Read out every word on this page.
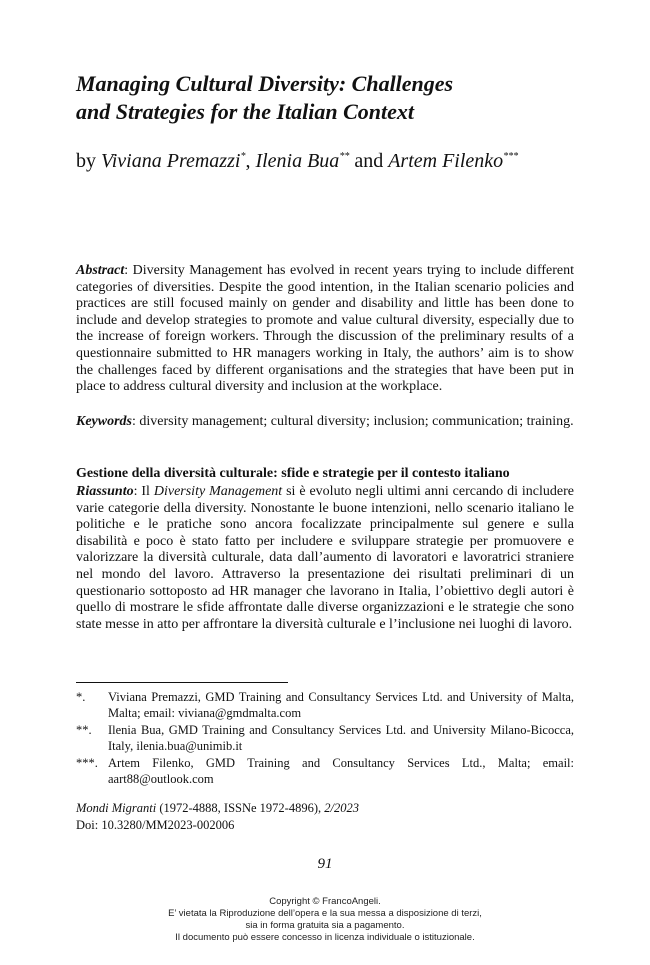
Managing Cultural Diversity: Challenges
and Strategies for the Italian Context
by Viviana Premazzi*, Ilenia Bua** and Artem Filenko***
Abstract: Diversity Management has evolved in recent years trying to include different categories of diversities. Despite the good intention, in the Italian scenario policies and practices are still focused mainly on gender and disability and little has been done to include and develop strategies to promote and value cultural diversity, especially due to the increase of foreign workers. Through the discussion of the preliminary results of a questionnaire submitted to HR managers working in Italy, the authors’ aim is to show the challenges faced by different organisations and the strategies that have been put in place to address cultural diversity and inclusion at the workplace.
Keywords: diversity management; cultural diversity; inclusion; communication; training.
Gestione della diversità culturale: sfide e strategie per il contesto italiano
Riassunto: Il Diversity Management si è evoluto negli ultimi anni cercando di includere varie categorie della diversity. Nonostante le buone intenzioni, nello scenario italiano le politiche e le pratiche sono ancora focalizzate principalmente sul genere e sulla disabilità e poco è stato fatto per includere e sviluppare strategie per promuovere e valorizzare la diversità culturale, data dall’aumento di lavoratori e lavoratrici straniere nel mondo del lavoro. Attraverso la presentazione dei risultati preliminari di un questionario sottoposto ad HR manager che lavorano in Italia, l’obiettivo degli autori è quello di mostrare le sfide affrontate dalle diverse organizzazioni e le strategie che sono state messe in atto per affrontare la diversità culturale e l’inclusione nei luoghi di lavoro.
*.	Viviana Premazzi, GMD Training and Consultancy Services Ltd. and University of Malta, Malta; email: viviana@gmdmalta.com
**.	Ilenia Bua, GMD Training and Consultancy Services Ltd. and University Milano-Bicocca, Italy, ilenia.bua@unimib.it
***. Artem Filenko, GMD Training and Consultancy Services Ltd., Malta; email: aart88@outlook.com
Mondi Migranti (1972-4888, ISSNe 1972-4896), 2/2023
Doi: 10.3280/MM2023-002006
91
Copyright © FrancoAngeli.
E’ vietata la Riproduzione dell’opera e la sua messa a disposizione di terzi,
sia in forma gratuita sia a pagamento.
Il documento può essere concesso in licenza individuale o istituzionale.
